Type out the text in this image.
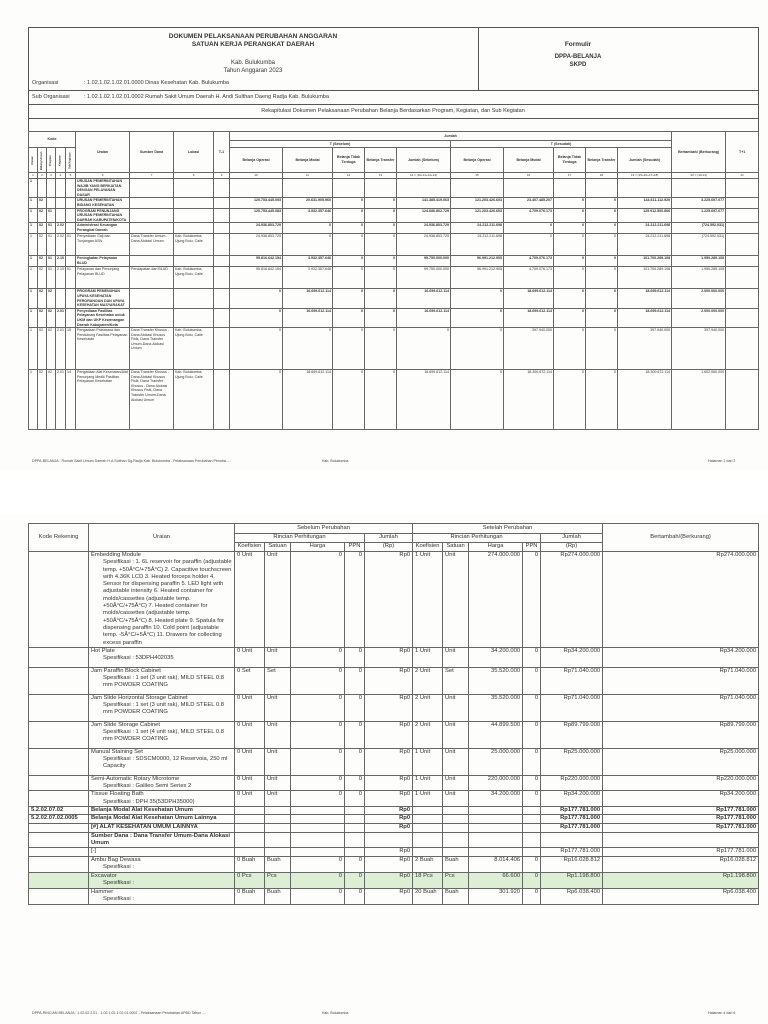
DOKUMEN PELAKSANAAN PERUBAHAN ANGGARAN
SATUAN KERJA PERANGKAT DAERAH
Kab. Bulukumba
Tahun Anggaran 2023
Formulir
DPPA-BELANJA
SKPD
Organisasi	: 1.02.1.02.1.02.01.0000 Dinas Kesehatan Kab. Bulukumba
Sub Organisasi	: 1.02.1.02.1.02.01.0002 Rumah Sakit Umum Daerah H. Andi Sulthan Daeng Radja Kab. Bulukumba
Rekapitulasi Dokumen Pelaksanaan Perubahan Belanja Berdasarkan Program, Kegiatan, dan Sub Kegiatan
Kode					Uraian	Sumber Dana	Lokasi	T-1	Jumlah										Bertambah/ (Berkurang)	T+1
									T (Sebelum)					T (Sesudah)						
Urusan	Bidang Urusan	Program	Kegiatan	Sub Kegiatan					Belanja Operasi	Belanja Modal	Belanja Tidak Terduga	Belanja Transfer	Jumlah (Sebelum)	Belanja Operasi	Belanja Modal	Belanja Tidak Terduga	Belanja Transfer	Jumlah (Sesudah)		

1	2	3	4	5	6	7	8	9	10	11	12	13	14 = (10+11+12+13)	15	16	17	18	19 = (15+16+17+18)	20 = (19-14)	21
1					URUSAN PEMERINTAHAN WAJIB YANG BERKAITAN DENGAN PELAYANAN DASAR															
1	02				URUSAN PEMERINTAHAN BIDANG KESEHATAN				120.753.445.093	20.631.905.960	0	0	141.385.419.063	121.203.426.603	23.407.485.207	0	0	144.611.112.920	3.225.697.077	
1	02	01			PROGRAM PENUNJANG URUSAN PEMERINTAHAN DAERAH KABUPATEN/KOTA				120.753.445.083	3.932.357.646	0	0	124.686.802.729	121.203.426.603	4.709.076.173	0	0	125.912.500.806	1.225.697.077	
1	02	01	2.02		Administrasi Keuangan Perangkat Daerah				24.936.803.729	0	0	0	24.936.803.729	24.212.211.698	0	0	0	24.212.211.698	(724.592.031)	
1	02	01	2.02	01	Penyediaan Gaji dan Tunjangan ASN	Dana Transfer Umum-Dana Alokasi Umum	Kab. Bulukumba, Ujung Bulu, Caile		24.936.803.729	0	0	0	24.936.803.729	24.212.211.698	0	0	0	24.212.211.698	(724.592.031)	
1	02	01	2.10		Peningkatan Pelayanan BLUD				95.816.642.154	3.932.357.646	0	0	99.750.000.000	96.991.212.905	4.709.076.173	0	0	101.700.289.108	1.950.289.108	
1	02	01	2.10	01	Pelayanan dan Penunjang Pelayanan BLUD	Pendapatan dari BLUD	Kab. Bulukumba, Ujung Bulu, Caile		95.816.642.154	3.932.357.646	0	0	99.750.000.000	96.991.212.905	4.709.076.173	0	0	101.700.289.108	1.950.289.108	
1	02	02			PROGRAM PEMENUHAN UPAYA KESEHATAN PERORANGAN DAN UPAYA KESEHATAN MASYARAKAT				0	16.699.612.114	0	0	16.699.612.114	0	18.699.612.114	0	0	18.699.612.114	2.000.000.000	
1	02	02	2.01		Penyediaan Fasilitas Pelayanan Kesehatan untuk UKM dan UKP Kewenangan Daerah Kabupaten/Kota				0	16.699.612.114	0	0	16.699.612.114	0	18.699.612.114	0	0	18.699.612.114	2.000.000.000	
1	02	02	2.01	15	Pengadaan Prasarana dan Pendukung Fasilitas Pelayanan Kesehatan	Dana Transfer Khusus - Dana Alokasi Khusus Fisik, Dana Transfer Umum-Dana Alokasi Umum	Kab. Bulukumba, Ujung Bulu, Caile		0	0	0	0	0	0	397.940.000	0	0	397.940.000	397.940.000	
1	02	02	2.01	14	Pengadaan Alat Kesehatan/Alat Penunjang Medik Fasilitas Pelayanan Kesehatan	Dana Transfer Khusus - Dana Alokasi Khusus Fisik, Dana Transfer Khusus - Dana Alokasi Khusus Fisik, Dana Transfer Umum-Dana Alokasi Umum	Kab. Bulukumba, Ujung Bulu, Caile		0	16.699.612.114	0	0	16.699.612.114	0	18.300.672.114	0	0	18.300.672.114	1.602.060.000	
DPPA-BELANJA : Rumah Sakit Umum Daerah H.A.Sulthan Dg.Radja Kab. Bulukumba - Pelaksanaan Perubahan Penuba.....	Kab. Bulukumba	Halaman 1 dari 2
Kode Rekening	Uraian	Sebelum Perubahan					Setelah Perubahan					Bertambah/(Berkurang)
		Rincian Perhitungan				Jumlah	Rincian Perhitungan				Jumlah	
		Koefisien	Satuan	Harga	PPN	(Rp)	Koefisien	Satuan	Harga	PPN	(Rp)	

	Embedding Module
Spesifikasi : 1. 6L reservoir for paraffin (adjustable temp. +50Â°C/+75Â°C) 2. Capacitive touchscreen with 4.36K LCD 3. Heated forceps holder 4. Sensor for dispensing paraffin 5. LED light with adjustable intensity 6. Heated container for molds/cassettes (adjustable temp. +50Â°C/+75Â°C) 7. Heated container for molds/cassettes (adjustable temp. +50Â°C/+75Â°C) 8. Heated plate 9. Spatula for dispensing paraffin 10. Cold point (adjustable temp. -5Â°C/+5Â°C) 11. Drawers for collecting excess paraffin	0 Unit	Unit	0	0	Rp0	1 Unit	Unit	274.000.000	0	Rp274.000.000	Rp274.000.000

	Hot Plate
Spesifikasi : 53DPH402035	0 Unit	Unit	0	0	Rp0	1 Unit	Unit	34.200.000	0	Rp34.200.000	Rp34.200.000

	Jam Paraffin Block Cabinet
Spesifikasi : 1 set (3 unit rak), MILD STEEL 0.8 mm POWDER COATING	0 Set	Set	0	0	Rp0	2 Unit	Set	35.520.000	0	Rp71.040.000	Rp71.040.000

	Jam Slide Horizontal Storage Cabinet
Spesifikasi : 1 set (3 unit rak), MILD STEEL 0.8 mm POWDER COATING	0 Unit	Unit	0	0	Rp0	2 Unit	Unit	35.520.000	0	Rp71.040.000	Rp71.040.000

	Jam Slide Storage Cabinet
Spesifikasi : 1 set (4 unit rak), MILD STEEL 0.8 mm POWDER COATING	0 Unit	Unit	0	0	Rp0	2 Unit	Unit	44.899.500	0	Rp89.799.000	Rp89.799.000

	Manual Staining Set
Spesifikasi : SDSCM0000, 12 Reservoia, 250 ml Capacity	0 Unit	Unit	0	0	Rp0	1 Unit	Unit	25.000.000	0	Rp25.000.000	Rp25.000.000

	Semi-Automatic Rotary Microtome
Spesifikasi : Galileo Semi Series 2	0 Unit	Unit	0	0	Rp0	1 Unit	Unit	220.000.000	0	Rp220.000.000	Rp220.000.000

	Tissue Floating Bath
Spesifikasi : DPH 35(53DPH35000)	0 Unit	Unit	0	0	Rp0	1 Unit	Unit	34.200.000	0	Rp34.200.000	Rp34.200.000
5.2.02.07.02	Belanja Modal Alat Kesehatan Umum					Rp0					Rp177.781.000	Rp177.781.000
5.2.02.07.02.0005	Belanja Modal Alat Kesehatan Umum Lainnya					Rp0					Rp177.781.000	Rp177.781.000

	[#] ALAT KESEHATAN UMUM LAINNYA					Rp0					Rp177.781.000	Rp177.781.000

	Sumber Dana : Dana Transfer Umum-Dana Alokasi Umum											

	[-]					Rp0					Rp177.781.000	Rp177.781.000

	Ambu Bag Dewasa
Spesifikasi :	0 Buah	Buah	0	0	Rp0	2 Buah	Buah	8.014.406	0	Rp16.028.812	Rp16.028.812

	Excavator
Spesifikasi :	0 Pcs	Pcs	0	0	Rp0	18 Pcs	Pcs	66.600	0	Rp1.198.800	Rp1.198.800

	Hammer
Spesifikasi :	0 Buah	Buah	0	0	Rp0	20 Buah	Buah	301.920	0	Rp6.038.400	Rp6.038.400
DPPA-RINCIAN BELANJA : 1.02.02.2.01 - 1.02.1.02.1.02.01.0002 - Pelaksanaan Perubahan APBD Tahun ....	Kab. Bulukumba	Halaman 4 dari 6
